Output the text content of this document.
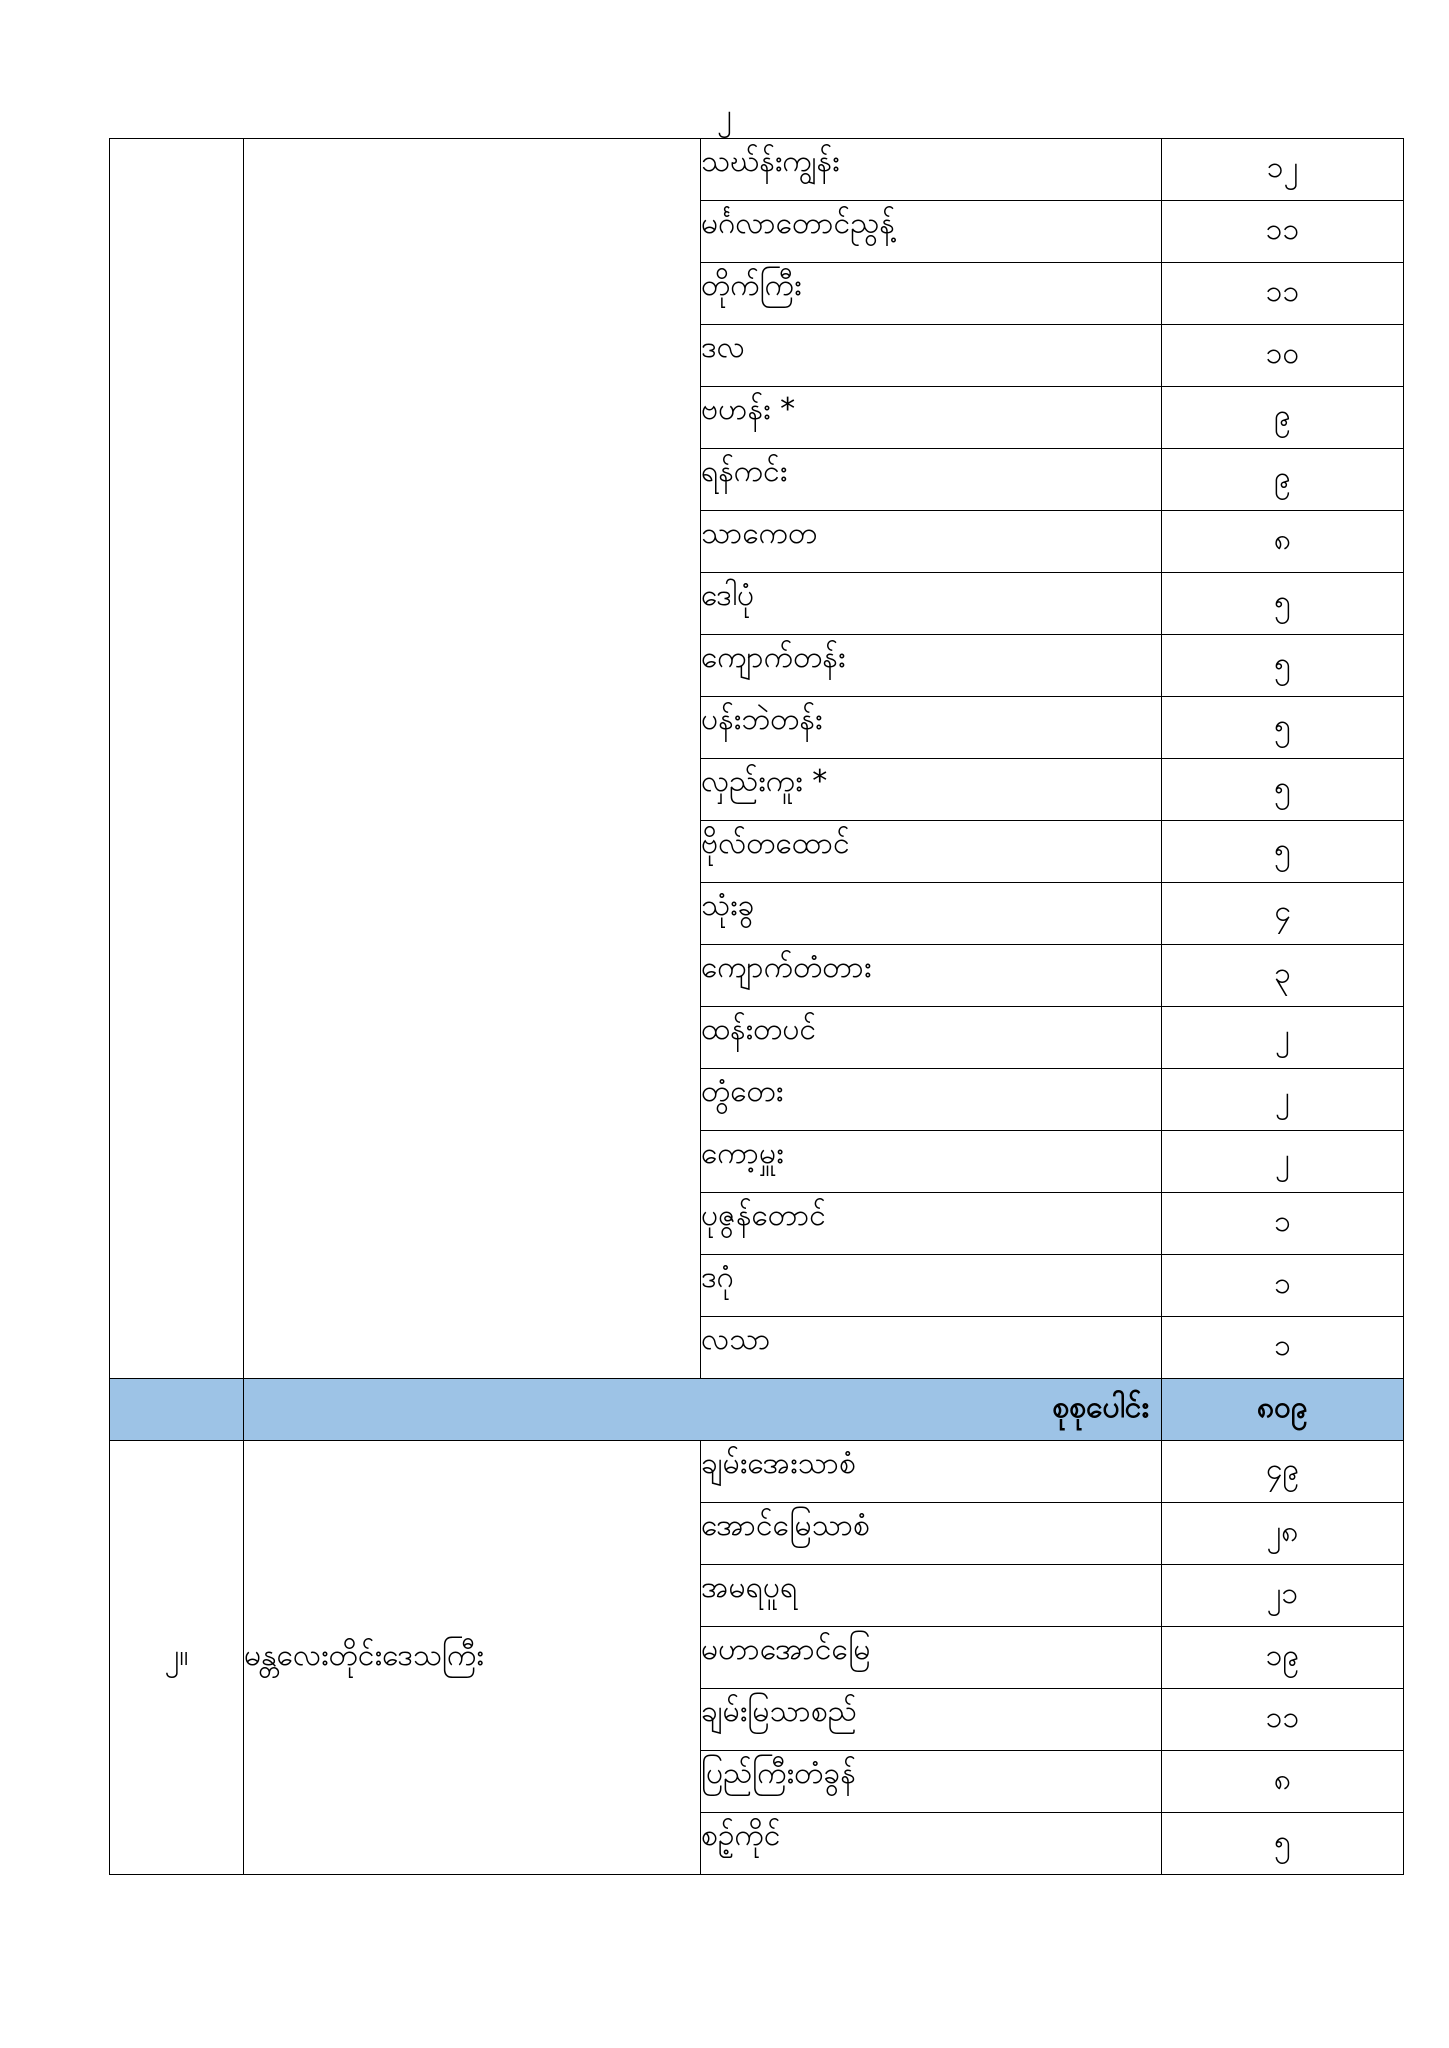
၂
		သဃ်န်းကျွန်း	၁၂
		မင်္ဂလာတောင်ညွန့်	၁၁
		တိုက်ကြီး	၁၁
		ဒလ	၁၀
		ဗဟန်း *	၉
		ရန်ကင်း	၉
		သာကေတ	၈
		ဒေါပုံ	၅
		ကျောက်တန်း	၅
		ပန်းဘဲတန်း	၅
		လှည်းကူး *	၅
		ဗိုလ်တထောင်	၅
		သုံးခွ	၄
		ကျောက်တံတား	၃
		ထန်းတပင်	၂
		တွံတေး	၂
		ကော့မှူး	၂
		ပုဇွန်တောင်	၁
		ဒဂုံ	၁
		လသာ	၁
	စုစုပေါင်း		၈၀၉
၂။	မန္တလေးတိုင်းဒေသကြီး	ချမ်းအေးသာစံ	၄၉
		အောင်မြေသာစံ	၂၈
		အမရပူရ	၂၁
		မဟာအောင်မြေ	၁၉
		ချမ်းမြသာစည်	၁၁
		ပြည်ကြီးတံခွန်	၈
		စဉ့်ကိုင်	၅
